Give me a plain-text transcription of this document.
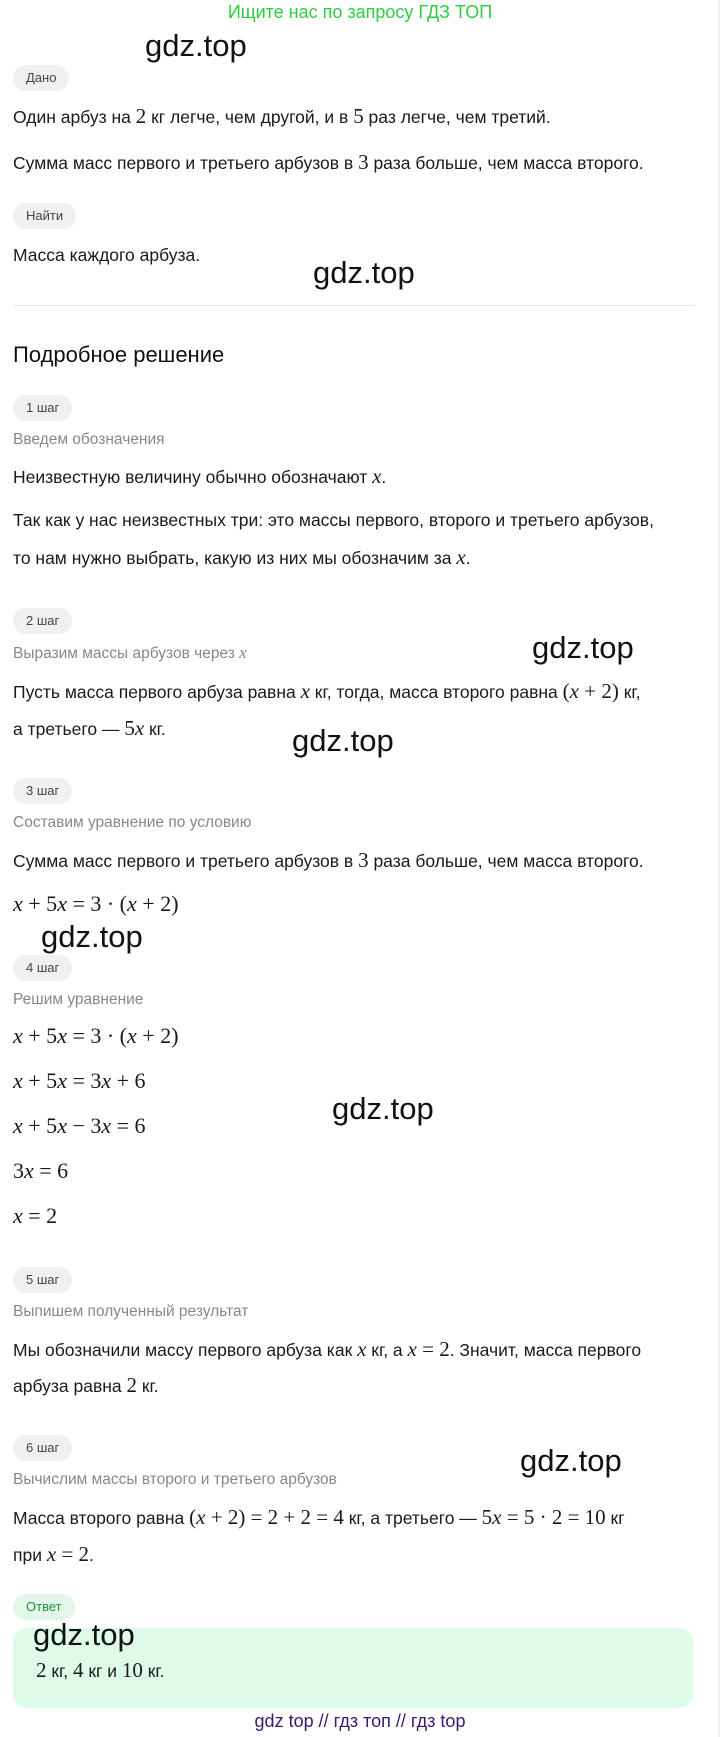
Ищите нас по запросу ГДЗ ТОП
gdz.top
gdz.top
gdz.top
gdz.top
gdz.top
gdz.top
gdz.top
gdz.top
Дано
Один арбуз на 2 кг легче, чем другой, и в 5 раз легче, чем третий.
Сумма масс первого и третьего арбузов в 3 раза больше, чем масса второго.
Найти
Масса каждого арбуза.
Подробное решение
1 шаг
Введем обозначения
Неизвестную величину обычно обозначают x.
Так как у нас неизвестных три: это массы первого, второго и третьего арбузов,
то нам нужно выбрать, какую из них мы обозначим за x.
2 шаг
Выразим массы арбузов через x
Пусть масса первого арбуза равна x кг, тогда, масса второго равна (x + 2) кг,
а третьего — 5x кг.
3 шаг
Составим уравнение по условию
Сумма масс первого и третьего арбузов в 3 раза больше, чем масса второго.
x + 5x = 3 · (x + 2)
4 шаг
Решим уравнение
x + 5x = 3 · (x + 2)
x + 5x = 3x + 6
x + 5x − 3x = 6
3x = 6
x = 2
5 шаг
Выпишем полученный результат
Мы обозначили массу первого арбуза как x кг, а x = 2. Значит, масса первого
арбуза равна 2 кг.
6 шаг
Вычислим массы второго и третьего арбузов
Масса второго равна (x + 2) = 2 + 2 = 4 кг, а третьего — 5x = 5 · 2 = 10 кг
при x = 2.
Ответ
2 кг, 4 кг и 10 кг.
gdz top // гдз топ // гдз top
